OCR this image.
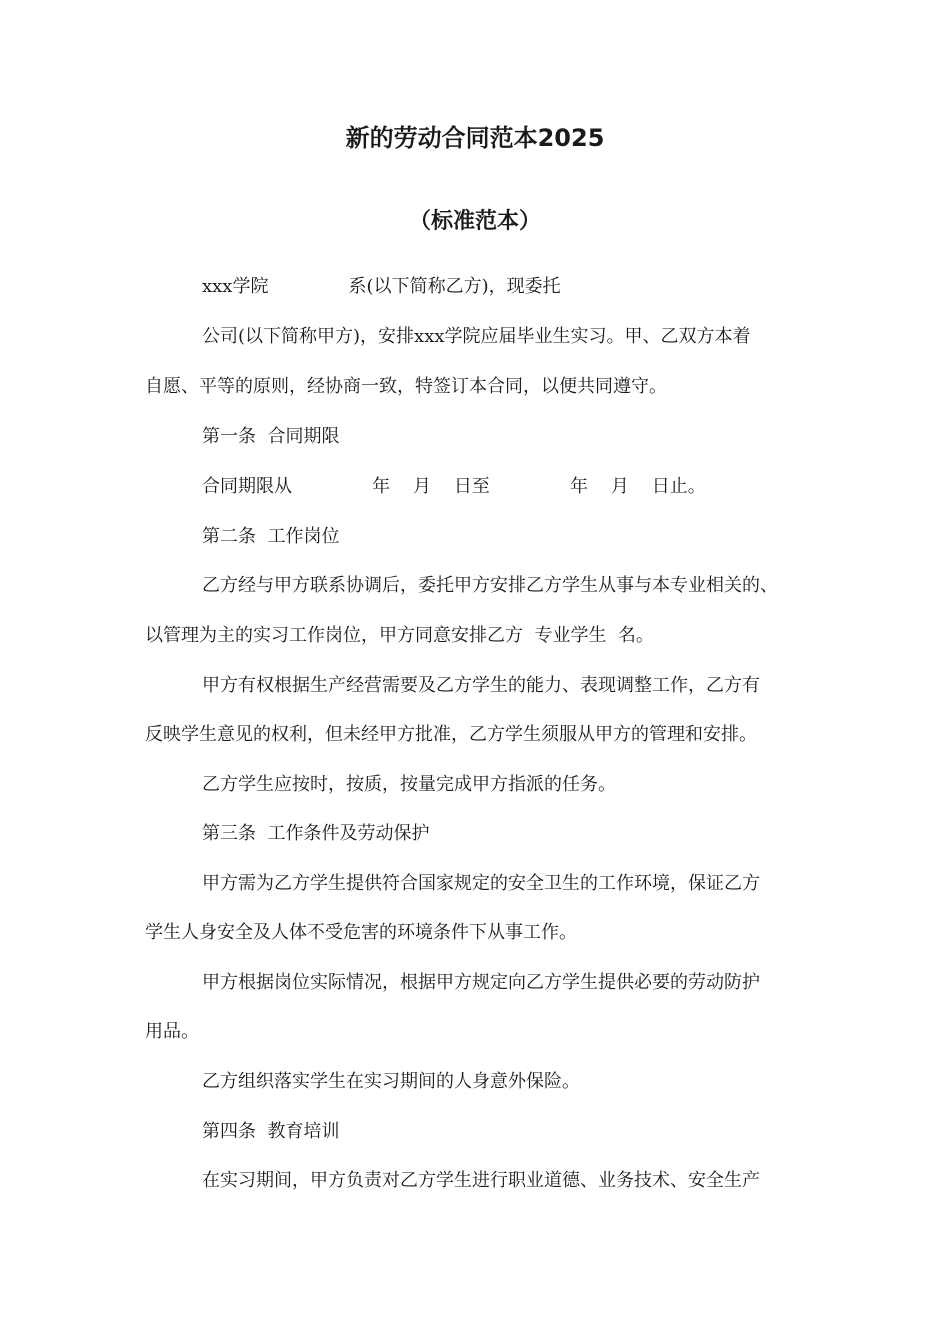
新的劳动合同范本2025
（标准范本）
xxx学院              系(以下简称乙方)，现委托
公司(以下简称甲方)，安排xxx学院应届毕业生实习。甲、乙双方本着
自愿、平等的原则，经协商一致，特签订本合同，以便共同遵守。
第一条  合同期限
合同期限从              年    月    日至              年    月    日止。
第二条  工作岗位
乙方经与甲方联系协调后，委托甲方安排乙方学生从事与本专业相关的、
以管理为主的实习工作岗位，甲方同意安排乙方  专业学生  名。
甲方有权根据生产经营需要及乙方学生的能力、表现调整工作，乙方有
反映学生意见的权利，但未经甲方批准，乙方学生须服从甲方的管理和安排。
乙方学生应按时，按质，按量完成甲方指派的任务。
第三条  工作条件及劳动保护
甲方需为乙方学生提供符合国家规定的安全卫生的工作环境，保证乙方
学生人身安全及人体不受危害的环境条件下从事工作。
甲方根据岗位实际情况，根据甲方规定向乙方学生提供必要的劳动防护
用品。
乙方组织落实学生在实习期间的人身意外保险。
第四条  教育培训
在实习期间，甲方负责对乙方学生进行职业道德、业务技术、安全生产
